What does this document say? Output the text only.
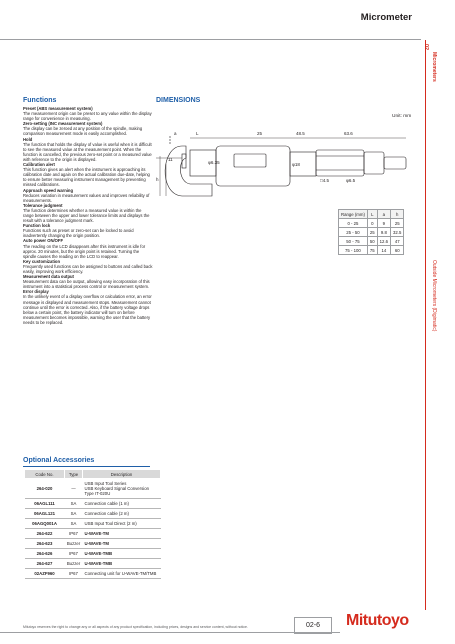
Micrometer
02
Micrometers
Outside Micrometers (Digimatic)
Functions
Preset (ABS measurement system)
The measurement origin can be preset to any value within the display range for convenience in measuring.
Zero-setting (INC measurement system)
The display can be zeroed at any position of the spindle, making comparison measurement mode is easily accomplished.
Hold
The function that holds the display of value is useful when it is difficult to see the measured value at the measurement point. When the function is cancelled, the previous zero-set point or a measured value with reference to the origin is displayed.
Calibration alert
This function gives an alert when the instrument is approaching its calibration date and again on the actual calibration due-date, helping to ensure better measuring instrument management by preventing missed calibrations.
Approach speed warning
Reduces variation in measurement values and improves reliability of measurements.
Tolerance judgment
The function determines whether a measured value is within the range between the upper and lower tolerance limits and displays the result with a tolerance judgment mark.
Function lock
Functions such as preset or zero-set can be locked to avoid inadvertently changing the origin position.
Auto power ON/OFF
The reading on the LCD disappears after this instrument is idle for approx. 20 minutes, but the origin point is retained. Turning the spindle causes the reading on the LCD to reappear.
Key customization
Frequently used functions can be assigned to buttons and called back easily, improving work efficiency.
Measurement data output
Measurement data can be output, allowing easy incorporation of this instrument into a statistical process control or measurement system.
Error display
In the unlikely event of a display overflow or calculation error, an error message is displayed and measurement stops. Measurement cannot continue until the error is corrected. Also, if the battery voltage drops below a certain point, the battery indicator will turn on before measurement becomes impossible, warning the user that the battery needs to be replaced.
DIMENSIONS
Unit: mm
a	L	25	48.5	63.6
h
11
φ6.35	φ18
□4.5	φ6.5
Range (mm)	L	a	h
0 - 25	0	9	25
25 - 50	25	9.8	32.5
50 - 75	50	12.6	47
75 - 100	75	14	60
Optional Accessories
Code No.	Type	Description
264-020	—	USB Input Tool Series
USB Keyboard Signal Conversion Type IT-020U
06AGL111	SA	Connection cable (1 m)
06AGL121	SA	Connection cable (2 m)
06AGQ001A	SA	USB Input Tool Direct (2 m)
264-622	IP67	U-WAVE-TM
264-623	Buzzer	U-WAVE-TM
264-626	IP67	U-WAVE-TMB
264-627	Buzzer	U-WAVE-TMB
02AZF960	IP67	Connecting unit for U-WAVE-TM/TMB
Mitutoyo reserves the right to change any or all aspects of any product specification, including prices, designs and service content, without notice.	02-6	Mitutoyo
